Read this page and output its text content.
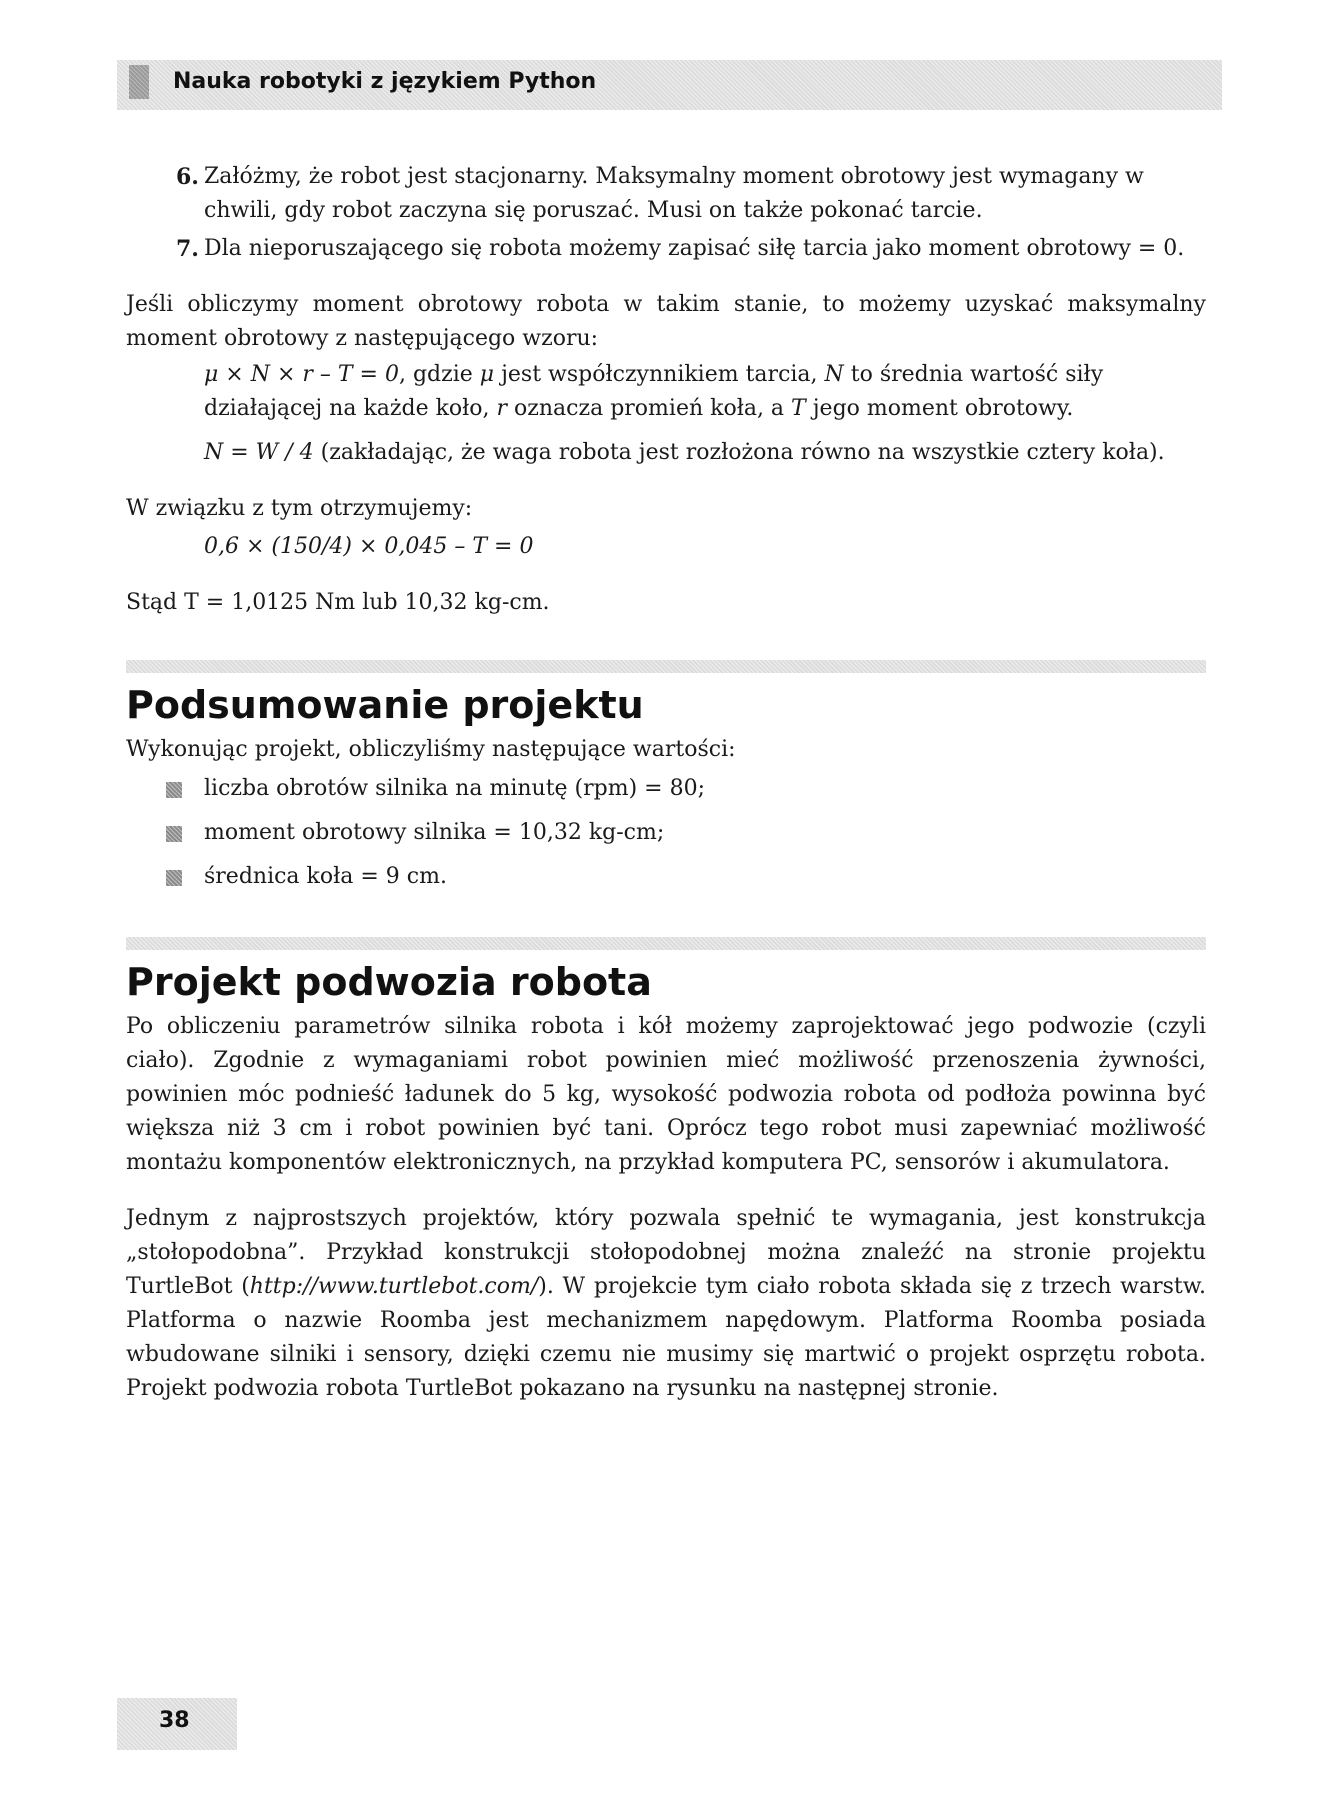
Nauka robotyki z językiem Python
6. Załóżmy, że robot jest stacjonarny. Maksymalny moment obrotowy jest wymagany w chwili, gdy robot zaczyna się poruszać. Musi on także pokonać tarcie.
7. Dla nieporuszającego się robota możemy zapisać siłę tarcia jako moment obrotowy = 0.

Jeśli obliczymy moment obrotowy robota w takim stanie, to możemy uzyskać maksymalny moment obrotowy z następującego wzoru:

μ × N × r – T = 0, gdzie μ jest współczynnikiem tarcia, N to średnia wartość siły działającej na każde koło, r oznacza promień koła, a T jego moment obrotowy.

N = W / 4 (zakładając, że waga robota jest rozłożona równo na wszystkie cztery koła).

W związku z tym otrzymujemy:

0,6 × (150/4) × 0,045 – T = 0

Stąd T = 1,0125 Nm lub 10,32 kg-cm.

Podsumowanie projektu

Wykonując projekt, obliczyliśmy następujące wartości:

liczba obrotów silnika na minutę (rpm) = 80;
moment obrotowy silnika = 10,32 kg-cm;
średnica koła = 9 cm.
Projekt podwozia robota

Po obliczeniu parametrów silnika robota i kół możemy zaprojektować jego podwozie (czyli ciało). Zgodnie z wymaganiami robot powinien mieć możliwość przenoszenia żywności, powinien móc podnieść ładunek do 5 kg, wysokość podwozia robota od podłoża powinna być większa niż 3 cm i robot powinien być tani. Oprócz tego robot musi zapewniać możliwość montażu komponentów elektronicznych, na przykład komputera PC, sensorów i akumulatora.

Jednym z najprostszych projektów, który pozwala spełnić te wymagania, jest konstrukcja „stołopodobna”. Przykład konstrukcji stołopodobnej można znaleźć na stronie projektu TurtleBot (http://www.turtlebot.com/). W projekcie tym ciało robota składa się z trzech warstw. Platforma o nazwie Roomba jest mechanizmem napędowym. Platforma Roomba posiada wbudowane silniki i sensory, dzięki czemu nie musimy się martwić o projekt osprzętu robota. Projekt podwozia robota TurtleBot pokazano na rysunku na następnej stronie.

38
